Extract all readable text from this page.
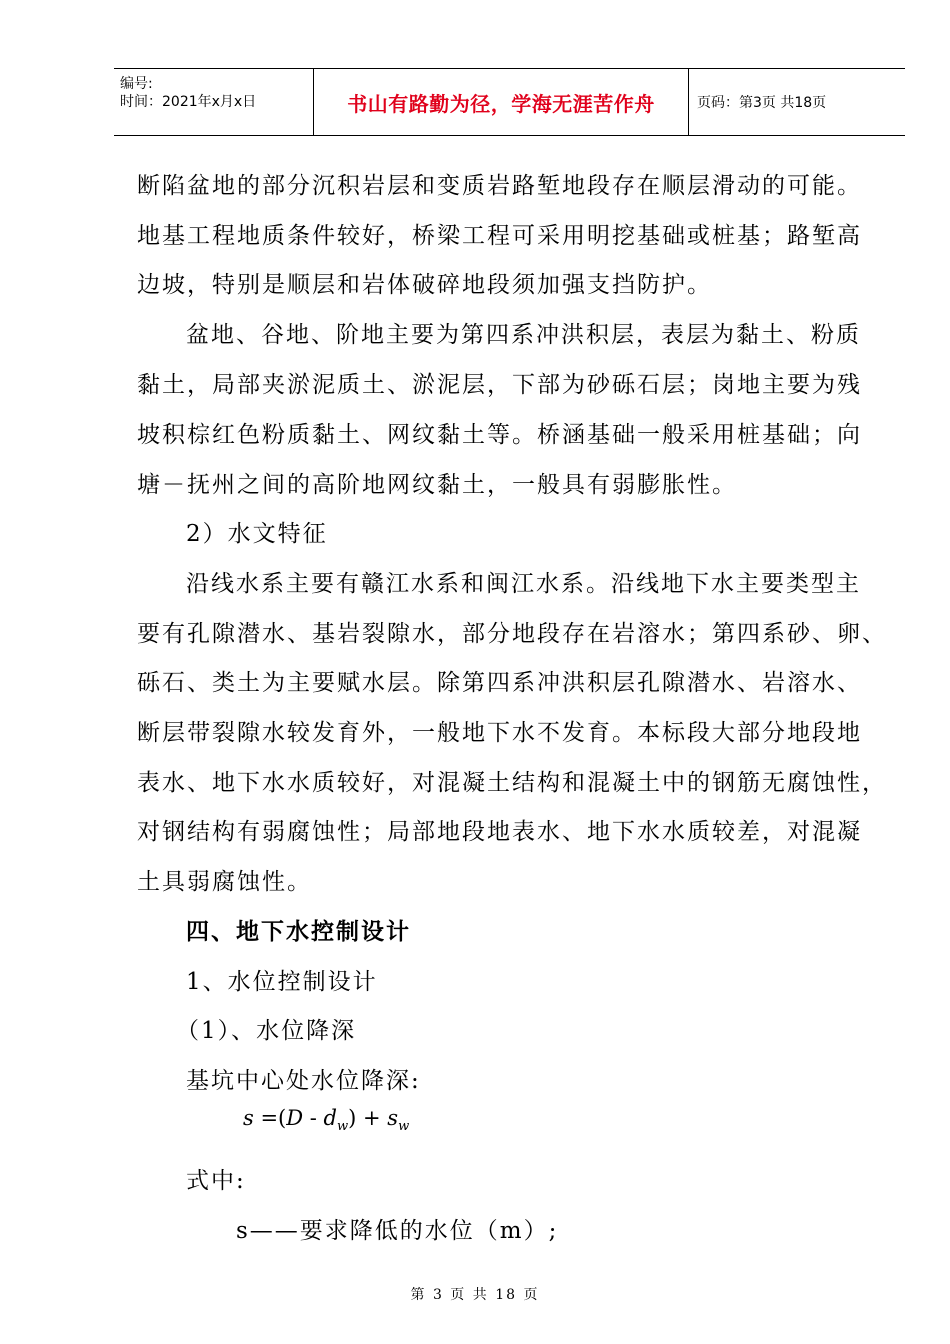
编号:
时间：2021年x月x日	书山有路勤为径，学海无涯苦作舟	页码：第3页 共18页
断陷盆地的部分沉积岩层和变质岩路堑地段存在顺层滑动的可能。
地基工程地质条件较好，桥梁工程可采用明挖基础或桩基；路堑高
边坡，特别是顺层和岩体破碎地段须加强支挡防护。
盆地、谷地、阶地主要为第四系冲洪积层，表层为黏土、粉质
黏土，局部夹淤泥质土、淤泥层，下部为砂砾石层；岗地主要为残
坡积棕红色粉质黏土、网纹黏土等。桥涵基础一般采用桩基础；向
塘－抚州之间的高阶地网纹黏土，一般具有弱膨胀性。
2）水文特征
沿线水系主要有赣江水系和闽江水系。沿线地下水主要类型主
要有孔隙潜水、基岩裂隙水，部分地段存在岩溶水；第四系砂、卵、
砾石、类土为主要赋水层。除第四系冲洪积层孔隙潜水、岩溶水、
断层带裂隙水较发育外，一般地下水不发育。本标段大部分地段地
表水、地下水水质较好，对混凝土结构和混凝土中的钢筋无腐蚀性，
对钢结构有弱腐蚀性；局部地段地表水、地下水水质较差，对混凝
土具弱腐蚀性。
四、地下水控制设计
1、水位控制设计
（1）、水位降深
基坑中心处水位降深:
$s =(D - d_w) + s_w$
式中:
s——要求降低的水位（m）;
第 3 页 共 18 页
